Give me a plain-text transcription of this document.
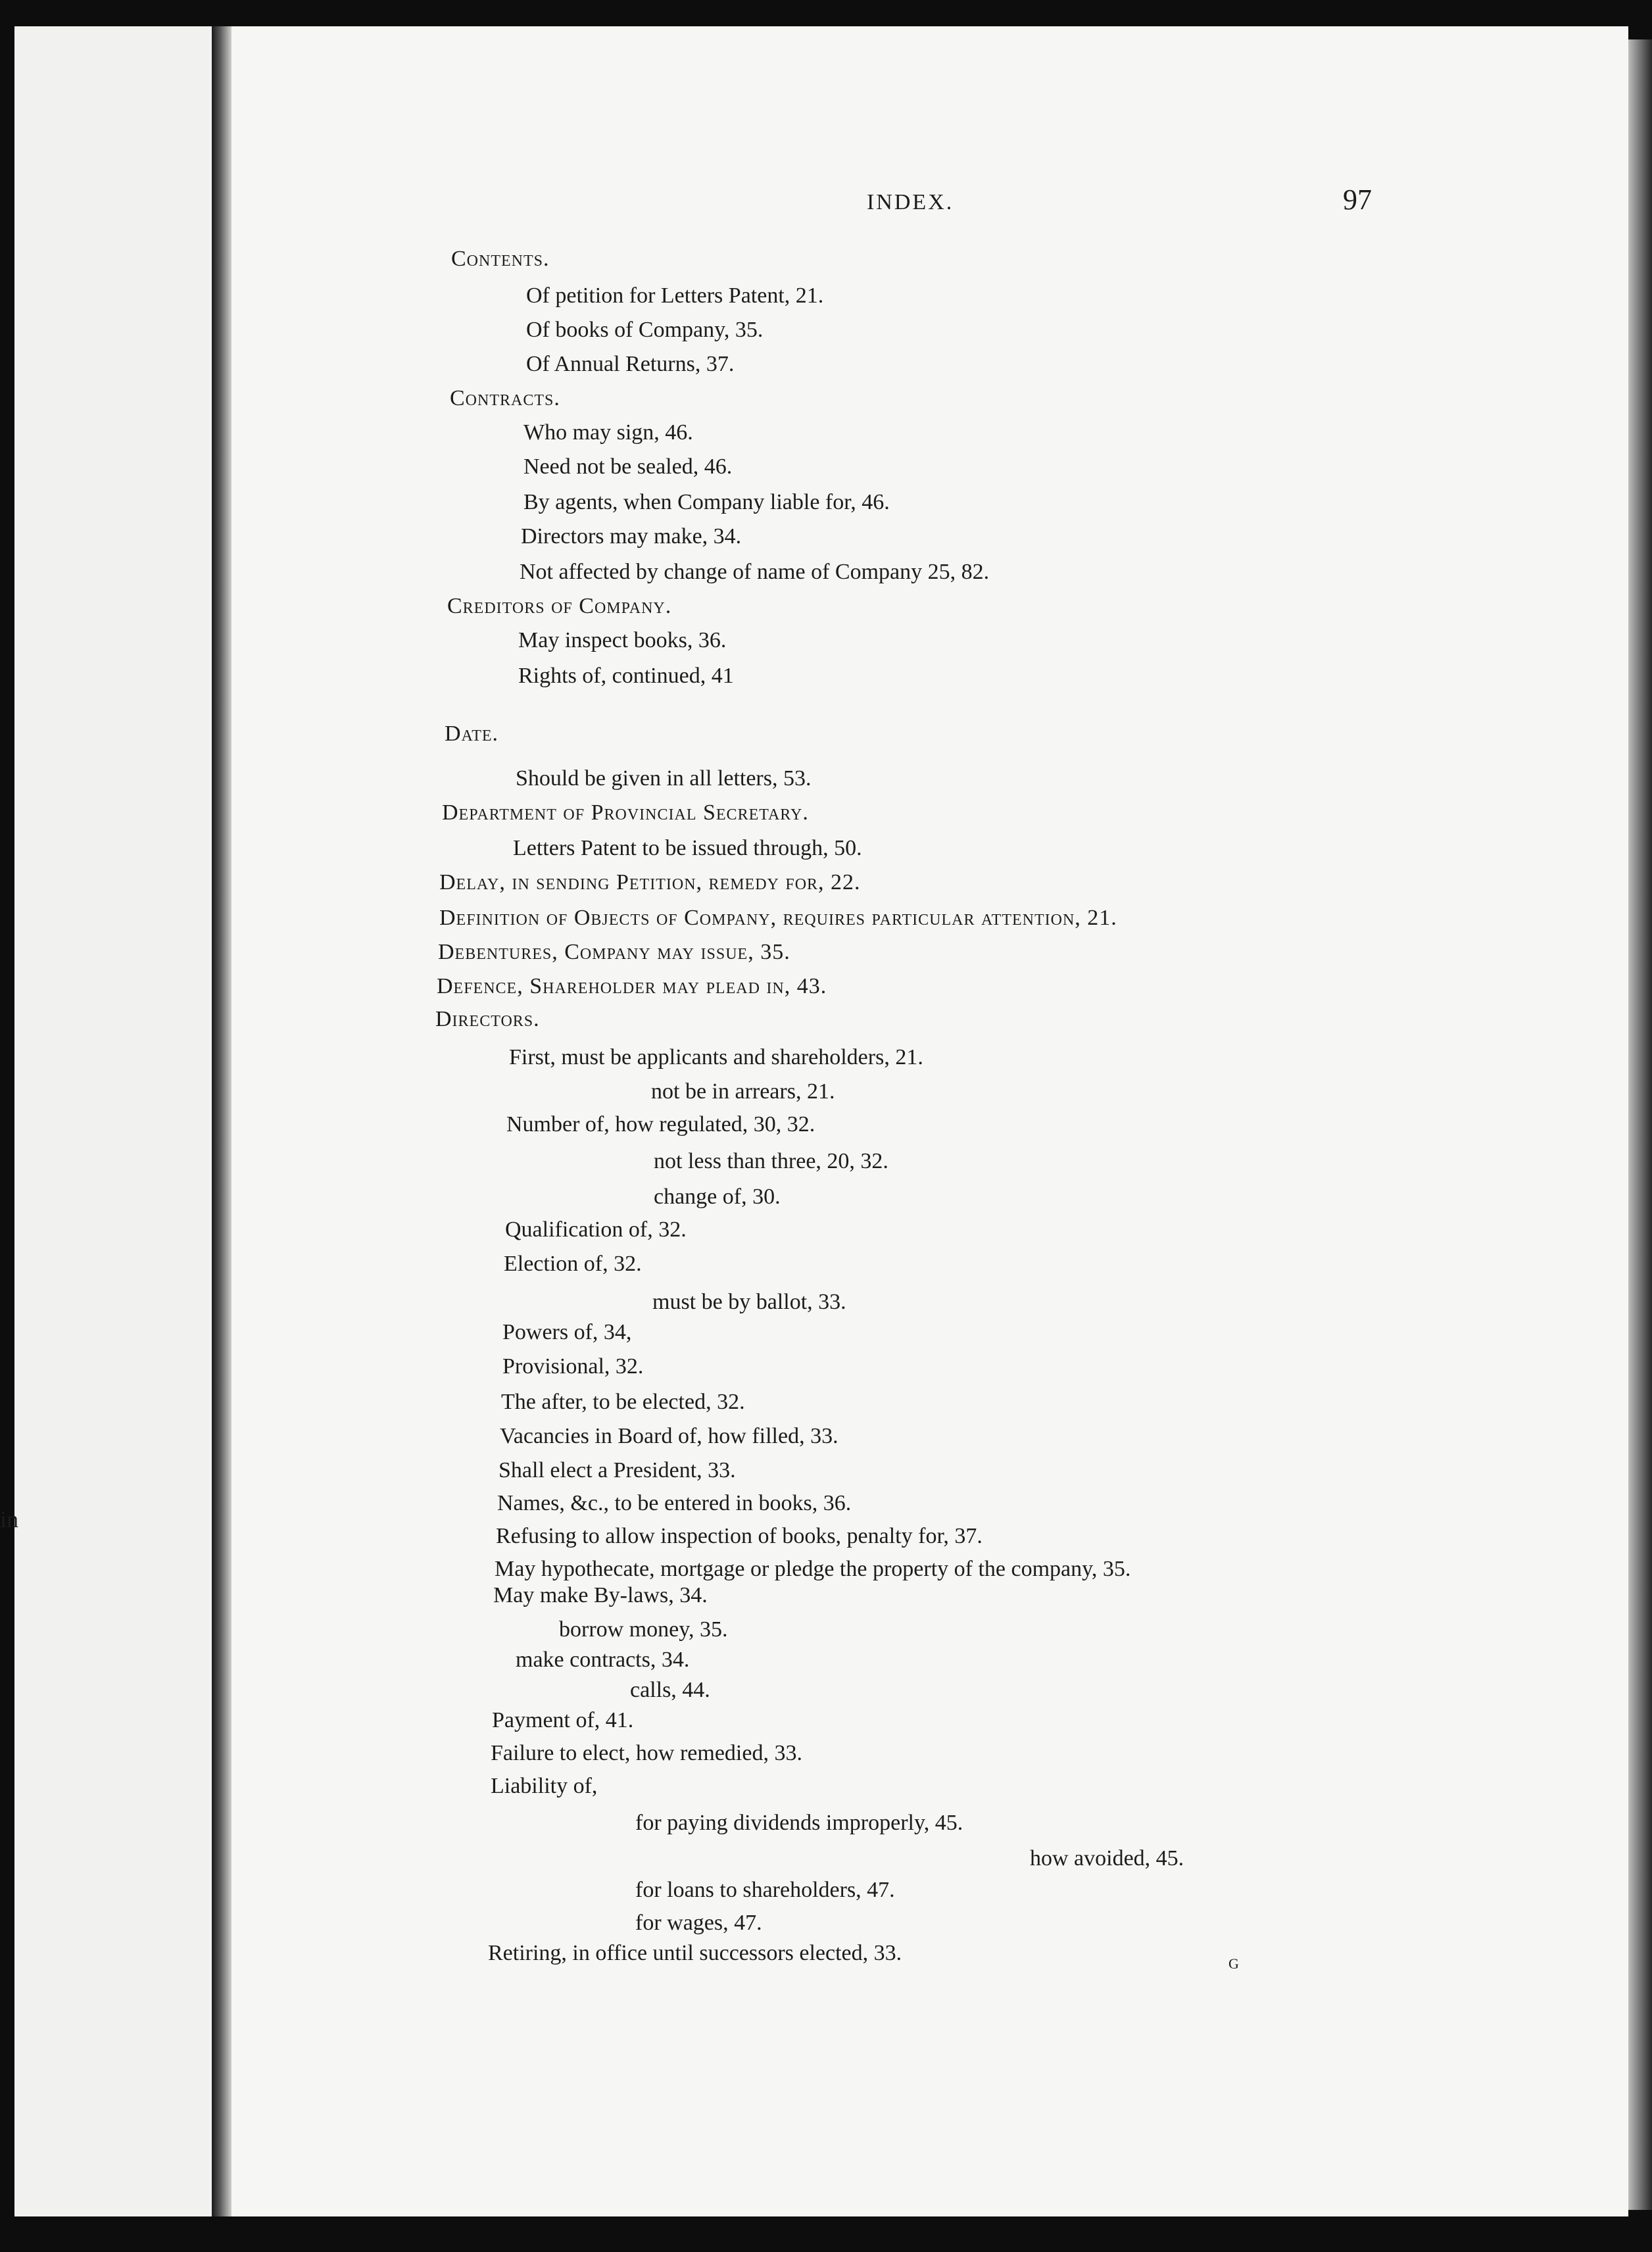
in
INDEX.	97
Contents.
Of petition for Letters Patent, 21.
Of books of Company, 35.
Of Annual Returns, 37.
Contracts.
Who may sign, 46.
Need not be sealed, 46.
By agents, when Company liable for, 46.
Directors may make, 34.
Not affected by change of name of Company 25, 82.
Creditors of Company.
May inspect books, 36.
Rights of, continued, 41
Date.
Should be given in all letters, 53.
Department of Provincial Secretary.
Letters Patent to be issued through, 50.
Delay, in sending Petition, remedy for, 22.
Definition of Objects of Company, requires particular attention, 21.
Debentures, Company may issue, 35.
Defence, Shareholder may plead in, 43.
Directors.
First, must be applicants and shareholders, 21.
not be in arrears, 21.
Number of, how regulated, 30, 32.
not less than three, 20, 32.
change of, 30.
Qualification of, 32.
Election of, 32.
must be by ballot, 33.
Powers of, 34,
Provisional, 32.
The after, to be elected, 32.
Vacancies in Board of, how filled, 33.
Shall elect a President, 33.
Names, &c., to be entered in books, 36.
Refusing to allow inspection of books, penalty for, 37.
May hypothecate, mortgage or pledge the property of the company, 35.
May make By-laws, 34.
borrow money, 35.
make contracts, 34.
calls, 44.
Payment of, 41.
Failure to elect, how remedied, 33.
Liability of,
for paying dividends improperly, 45.
how avoided, 45.
for loans to shareholders, 47.
for wages, 47.
Retiring, in office until successors elected, 33.	G
